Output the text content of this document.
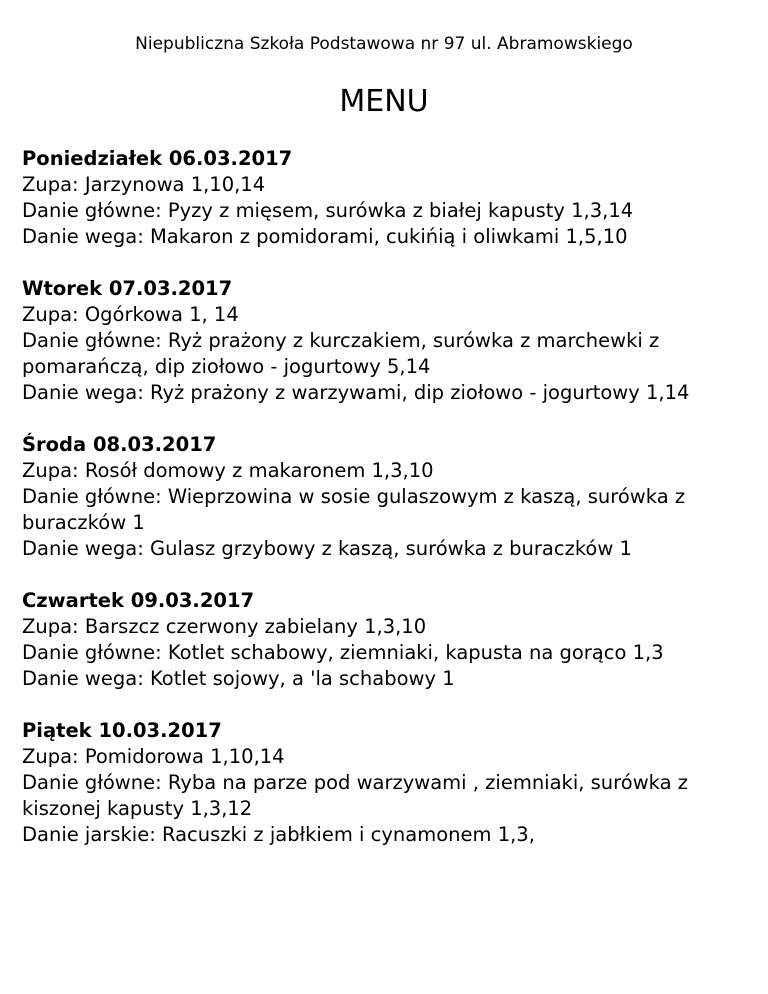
Niepubliczna Szkoła Podstawowa nr 97 ul. Abramowskiego
MENU
Poniedziałek 06.03.2017
Zupa: Jarzynowa 1,10,14
Danie główne: Pyzy z mięsem, surówka z białej kapusty 1,3,14
Danie wega: Makaron z pomidorami, cukińią i oliwkami 1,5,10
Wtorek 07.03.2017
Zupa: Ogórkowa 1, 14
Danie główne: Ryż prażony z kurczakiem, surówka z marchewki z pomarańczą, dip ziołowo - jogurtowy 5,14
Danie wega: Ryż prażony z warzywami, dip ziołowo - jogurtowy 1,14
Środa 08.03.2017
Zupa: Rosół domowy z makaronem 1,3,10
Danie główne: Wieprzowina w sosie gulaszowym z kaszą, surówka z buraczków 1
Danie wega: Gulasz grzybowy z kaszą, surówka z buraczków 1
Czwartek 09.03.2017
Zupa: Barszcz czerwony zabielany 1,3,10
Danie główne: Kotlet schabowy, ziemniaki, kapusta na gorąco 1,3
Danie wega: Kotlet sojowy, a 'la schabowy 1
Piątek 10.03.2017
Zupa: Pomidorowa 1,10,14
Danie główne: Ryba na parze pod warzywami , ziemniaki, surówka z kiszonej kapusty 1,3,12
Danie jarskie: Racuszki z jabłkiem i cynamonem 1,3,
